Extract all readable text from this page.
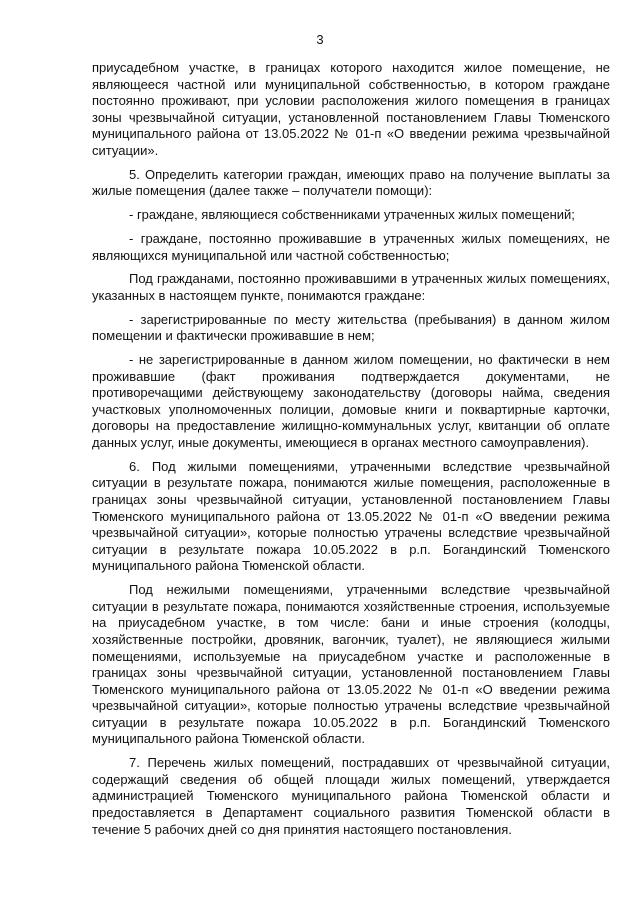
3

приусадебном участке, в границах которого находится жилое помещение, не являющееся частной или муниципальной собственностью, в котором граждане постоянно проживают, при условии расположения жилого помещения в границах зоны чрезвычайной ситуации, установленной постановлением Главы Тюменского муниципального района от 13.05.2022 № 01-п «О введении режима чрезвычайной ситуации».

5. Определить категории граждан, имеющих право на получение выплаты за жилые помещения (далее также – получатели помощи):

- граждане, являющиеся собственниками утраченных жилых помещений;

- граждане, постоянно проживавшие в утраченных жилых помещениях, не являющихся муниципальной или частной собственностью;

Под гражданами, постоянно проживавшими в утраченных жилых помещениях, указанных в настоящем пункте, понимаются граждане:

- зарегистрированные по месту жительства (пребывания) в данном жилом помещении и фактически проживавшие в нем;

- не зарегистрированные в данном жилом помещении, но фактически в нем проживавшие (факт проживания подтверждается документами, не противоречащими действующему законодательству (договоры найма, сведения участковых уполномоченных полиции, домовые книги и поквартирные карточки, договоры на предоставление жилищно-коммунальных услуг, квитанции об оплате данных услуг, иные документы, имеющиеся в органах местного самоуправления).

6. Под жилыми помещениями, утраченными вследствие чрезвычайной ситуации в результате пожара, понимаются жилые помещения, расположенные в границах зоны чрезвычайной ситуации, установленной постановлением Главы Тюменского муниципального района от 13.05.2022 № 01-п «О введении режима чрезвычайной ситуации», которые полностью утрачены вследствие чрезвычайной ситуации в результате пожара 10.05.2022 в р.п. Богандинский Тюменского муниципального района Тюменской области.

Под нежилыми помещениями, утраченными вследствие чрезвычайной ситуации в результате пожара, понимаются хозяйственные строения, используемые на приусадебном участке, в том числе: бани и иные строения (колодцы, хозяйственные постройки, дровяник, вагончик, туалет), не являющиеся жилыми помещениями, используемые на приусадебном участке и расположенные в границах зоны чрезвычайной ситуации, установленной постановлением Главы Тюменского муниципального района от 13.05.2022 № 01-п «О введении режима чрезвычайной ситуации», которые полностью утрачены вследствие чрезвычайной ситуации в результате пожара 10.05.2022 в р.п. Богандинский Тюменского муниципального района Тюменской области.

7. Перечень жилых помещений, пострадавших от чрезвычайной ситуации, содержащий сведения об общей площади жилых помещений, утверждается администрацией Тюменского муниципального района Тюменской области и предоставляется в Департамент социального развития Тюменской области в течение 5 рабочих дней со дня принятия настоящего постановления.
